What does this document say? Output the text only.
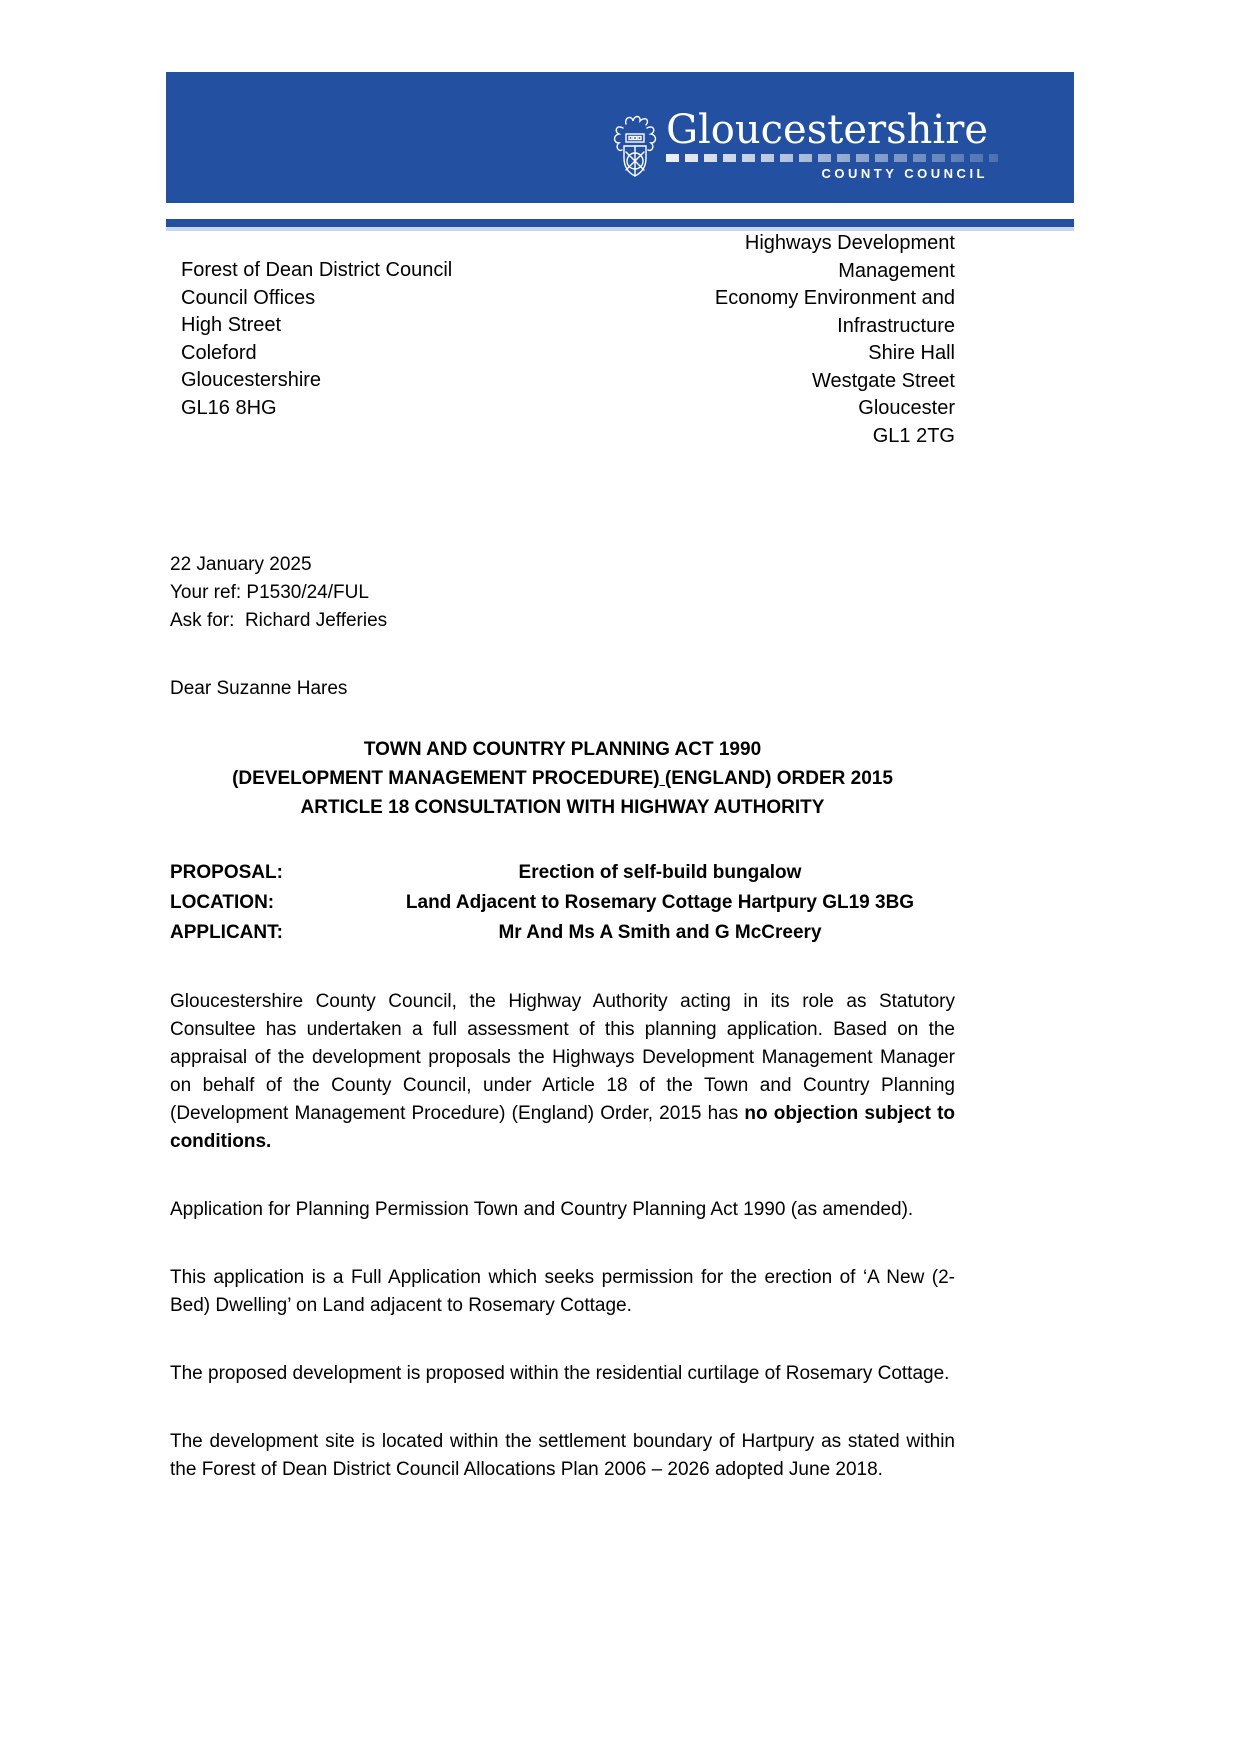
Gloucestershire
COUNTY COUNCIL
Forest of Dean District Council
Council Offices
High Street
Coleford
Gloucestershire
GL16 8HG
Highways Development
Management
Economy Environment and
Infrastructure
Shire Hall
Westgate Street
Gloucester
GL1 2TG
22 January 2025
Your ref: P1530/24/FUL
Ask for:  Richard Jefferies
Dear Suzanne Hares
TOWN AND COUNTRY PLANNING ACT 1990
(DEVELOPMENT MANAGEMENT PROCEDURE) (ENGLAND) ORDER 2015
ARTICLE 18 CONSULTATION WITH HIGHWAY AUTHORITY
PROPOSAL:	Erection of self-build bungalow
LOCATION:	Land Adjacent to Rosemary Cottage Hartpury GL19 3BG
APPLICANT:	Mr And Ms A Smith and G McCreery

Gloucestershire County Council, the Highway Authority acting in its role as Statutory Consultee has undertaken a full assessment of this planning application. Based on the appraisal of the development proposals the Highways Development Management Manager on behalf of the County Council, under Article 18 of the Town and Country Planning (Development Management Procedure) (England) Order, 2015 has no objection subject to conditions.

Application for Planning Permission Town and Country Planning Act 1990 (as amended).

This application is a Full Application which seeks permission for the erection of ‘A New (2-Bed) Dwelling’ on Land adjacent to Rosemary Cottage.

The proposed development is proposed within the residential curtilage of Rosemary Cottage.

The development site is located within the settlement boundary of Hartpury as stated within the Forest of Dean District Council Allocations Plan 2006 – 2026 adopted June 2018.
